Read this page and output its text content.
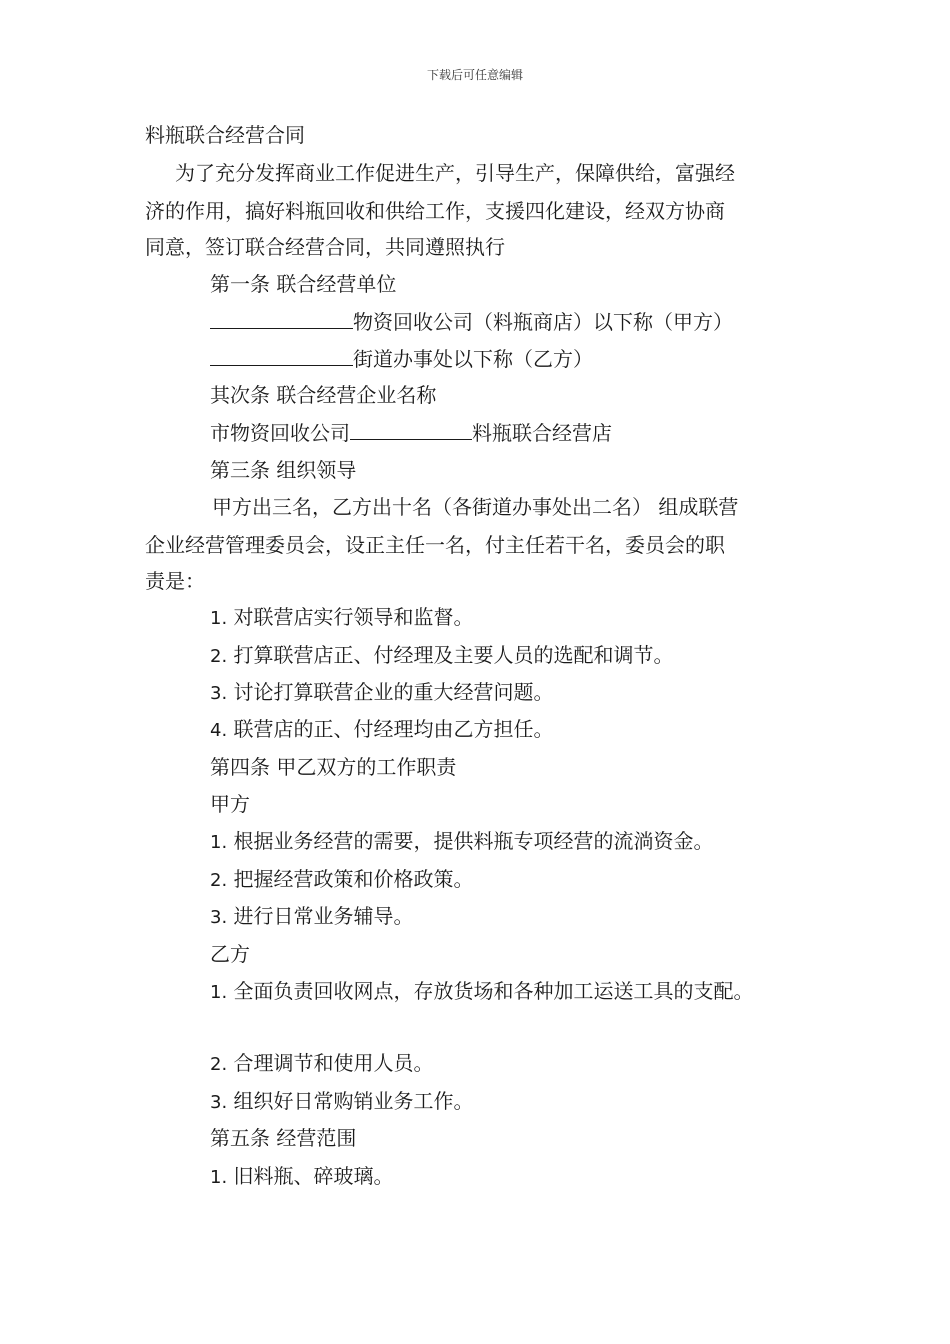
下载后可任意编辑
料瓶联合经营合同
为了充分发挥商业工作促进生产，引导生产，保障供给，富强经
济的作用，搞好料瓶回收和供给工作，支援四化建设，经双方协商
同意，签订联合经营合同，共同遵照执行
第一条 联合经营单位
物资回收公司（料瓶商店）以下称（甲方）
街道办事处以下称（乙方）
其次条 联合经营企业名称
市物资回收公司	料瓶联合经营店
第三条 组织领导
甲方出三名，乙方出十名（各街道办事处出二名） 组成联营
企业经营管理委员会，设正主任一名，付主任若干名，委员会的职
责是：
1. 对联营店实行领导和监督。
2. 打算联营店正、付经理及主要人员的选配和调节。
3. 讨论打算联营企业的重大经营问题。
4. 联营店的正、付经理均由乙方担任。
第四条 甲乙双方的工作职责
甲方
1. 根据业务经营的需要，提供料瓶专项经营的流淌资金。
2. 把握经营政策和价格政策。
3. 进行日常业务辅导。
乙方
1. 全面负责回收网点，存放货场和各种加工运送工具的支配。
2. 合理调节和使用人员。
3. 组织好日常购销业务工作。
第五条 经营范围
1. 旧料瓶、碎玻璃。
